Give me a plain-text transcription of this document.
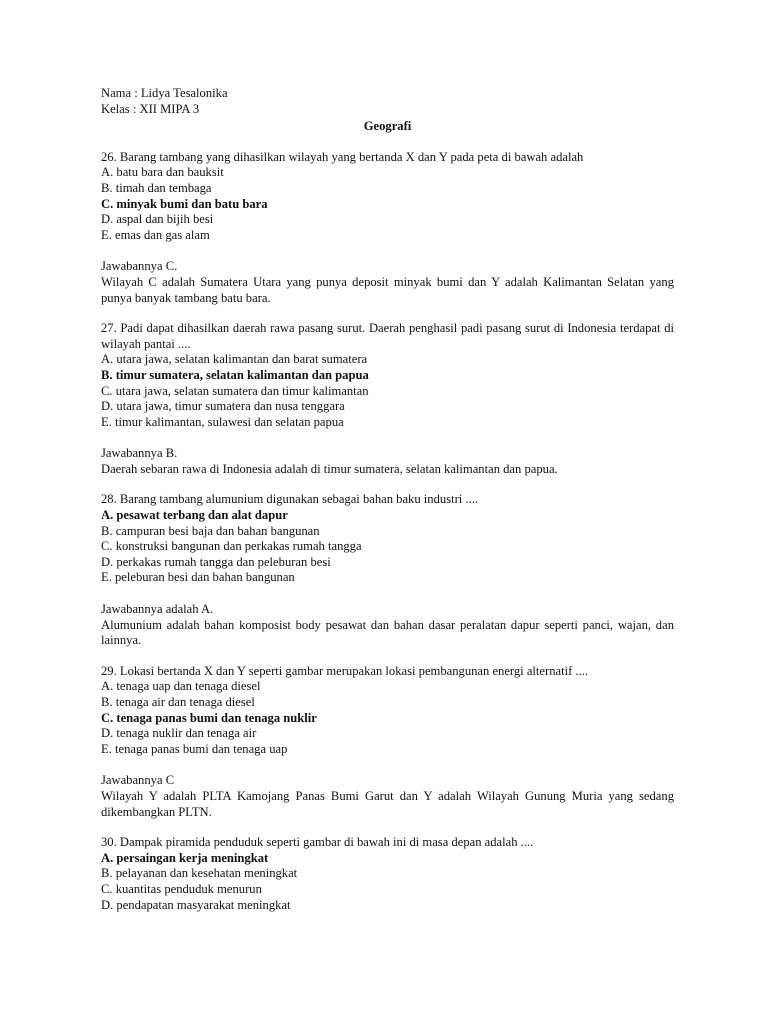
Nama : Lidya Tesalonika
Kelas : XII MIPA 3
Geografi
26. Barang tambang yang dihasilkan wilayah yang bertanda X dan Y pada peta di bawah adalah
A. batu bara dan bauksit
B. timah dan tembaga
C. minyak bumi dan batu bara
D. aspal dan bijih besi
E. emas dan gas alam
Jawabannya C.
Wilayah C adalah Sumatera Utara yang punya deposit minyak bumi dan Y adalah Kalimantan Selatan yang punya banyak tambang batu bara.
27. Padi dapat dihasilkan daerah rawa pasang surut. Daerah penghasil padi pasang surut di Indonesia terdapat di wilayah pantai ....
A. utara jawa, selatan kalimantan dan barat sumatera
B. timur sumatera, selatan kalimantan dan papua
C. utara jawa, selatan sumatera dan timur kalimantan
D. utara jawa, timur sumatera dan nusa tenggara
E. timur kalimantan, sulawesi dan selatan papua
Jawabannya B.
Daerah sebaran rawa di Indonesia adalah di timur sumatera, selatan kalimantan dan papua.
28. Barang tambang alumunium digunakan sebagai bahan baku industri ....
A. pesawat terbang dan alat dapur
B. campuran besi baja dan bahan bangunan
C. konstruksi bangunan dan perkakas rumah tangga
D. perkakas rumah tangga dan peleburan besi
E. peleburan besi dan bahan bangunan
Jawabannya adalah A.
Alumunium adalah bahan komposist body pesawat dan bahan dasar peralatan dapur seperti panci, wajan, dan lainnya.
29. Lokasi bertanda X dan Y seperti gambar merupakan lokasi pembangunan energi alternatif ....
A. tenaga uap dan tenaga diesel
B. tenaga air dan tenaga diesel
C. tenaga panas bumi dan tenaga nuklir
D. tenaga nuklir dan tenaga air
E. tenaga panas bumi dan tenaga uap
Jawabannya C
Wilayah Y adalah PLTA Kamojang Panas Bumi Garut dan Y adalah Wilayah Gunung Muria yang sedang dikembangkan PLTN.
30. Dampak piramida penduduk seperti gambar di bawah ini di masa depan adalah ....
A. persaingan kerja meningkat
B. pelayanan dan kesehatan meningkat
C. kuantitas penduduk menurun
D. pendapatan masyarakat meningkat
